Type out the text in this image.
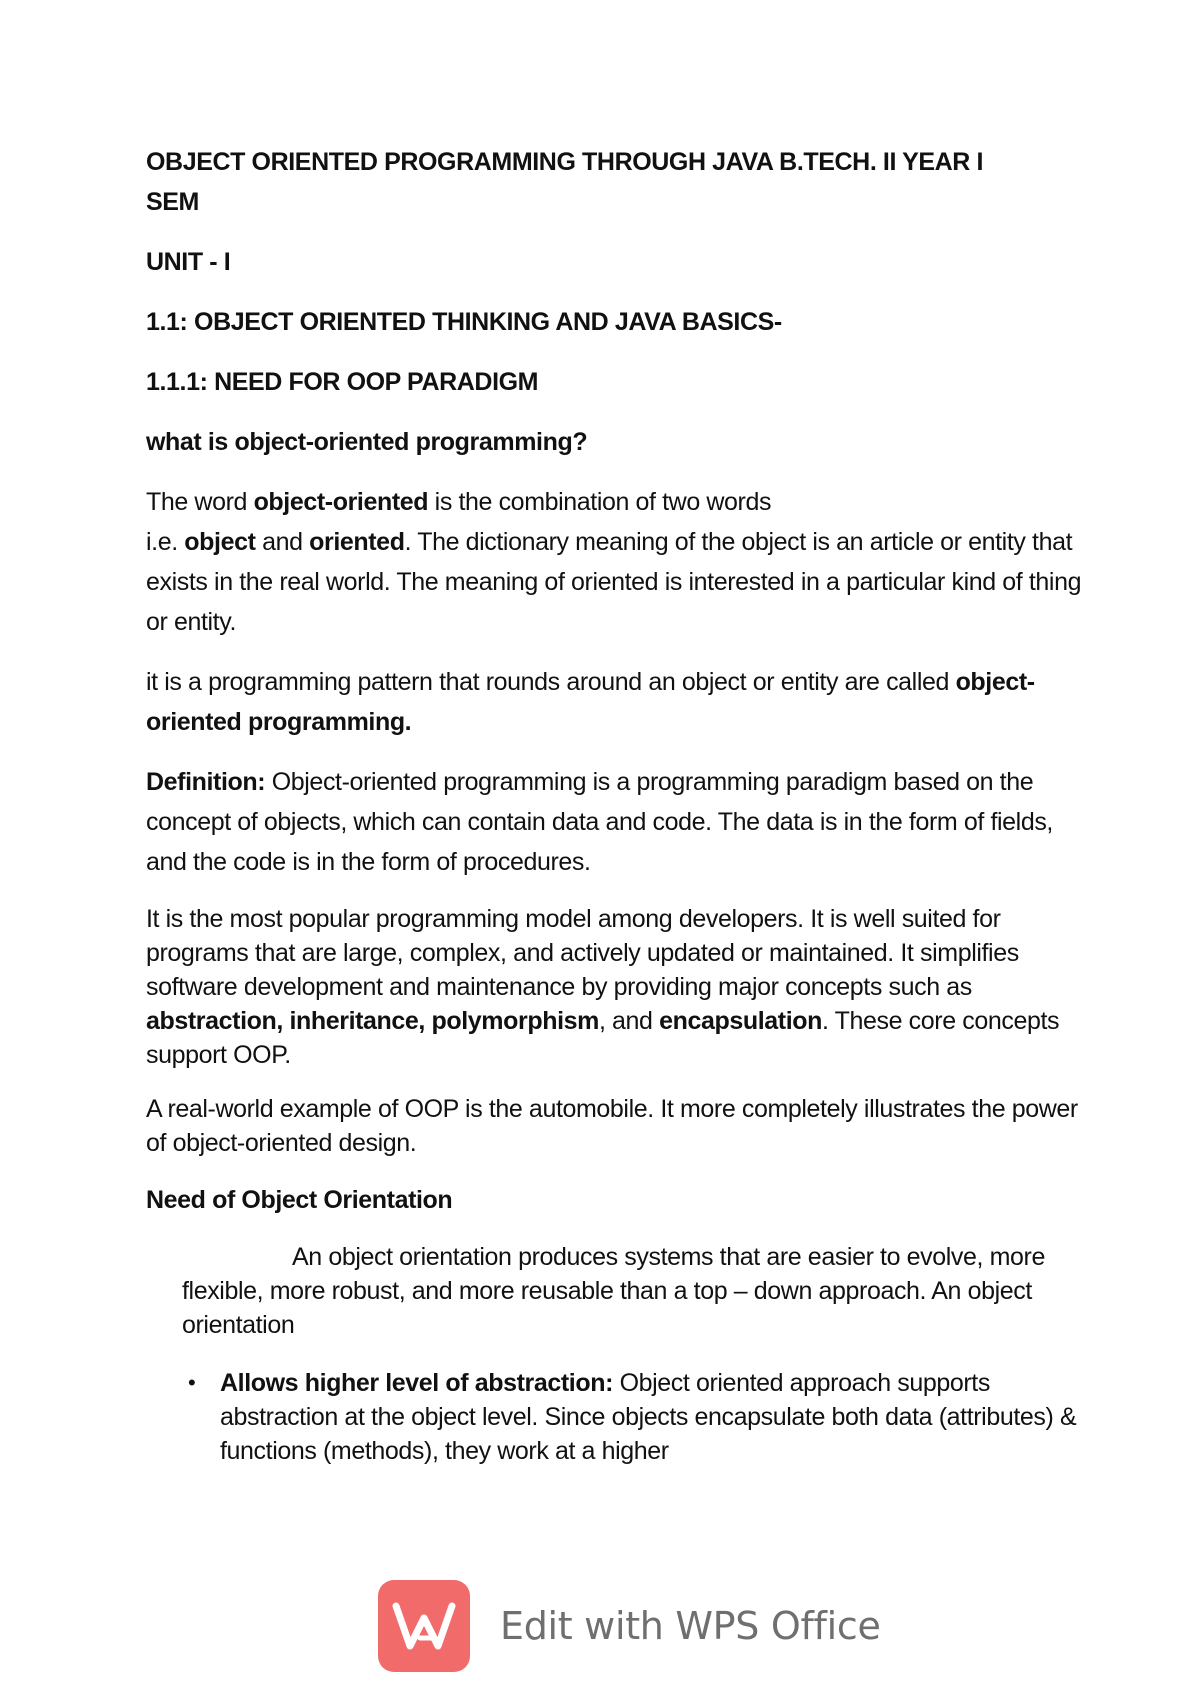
OBJECT ORIENTED PROGRAMMING THROUGH JAVA B.TECH. II YEAR I
SEM

UNIT - I

1.1: OBJECT ORIENTED THINKING AND JAVA BASICS-

1.1.1: NEED FOR OOP PARADIGM

what is object-oriented programming?

The word object-oriented is the combination of two words
i.e. object and oriented. The dictionary meaning of the object is an article or entity that exists in the real world. The meaning of oriented is interested in a particular kind of thing or entity.

it is a programming pattern that rounds around an object or entity are called object-oriented programming.

Definition: Object-oriented programming is a programming paradigm based on the concept of objects, which can contain data and code. The data is in the form of fields, and the code is in the form of procedures.

It is the most popular programming model among developers. It is well suited for programs that are large, complex, and actively updated or maintained. It simplifies software development and maintenance by providing major concepts such as abstraction, inheritance, polymorphism, and encapsulation. These core concepts support OOP.

A real-world example of OOP is the automobile. It more completely illustrates the power of object-oriented design.

Need of Object Orientation

An object orientation produces systems that are easier to evolve, more flexible, more robust, and more reusable than a top – down approach. An object orientation

• Allows higher level of abstraction: Object oriented approach supports abstraction at the object level. Since objects encapsulate both data (attributes) & functions (methods), they work at a higher
Edit with WPS Office
